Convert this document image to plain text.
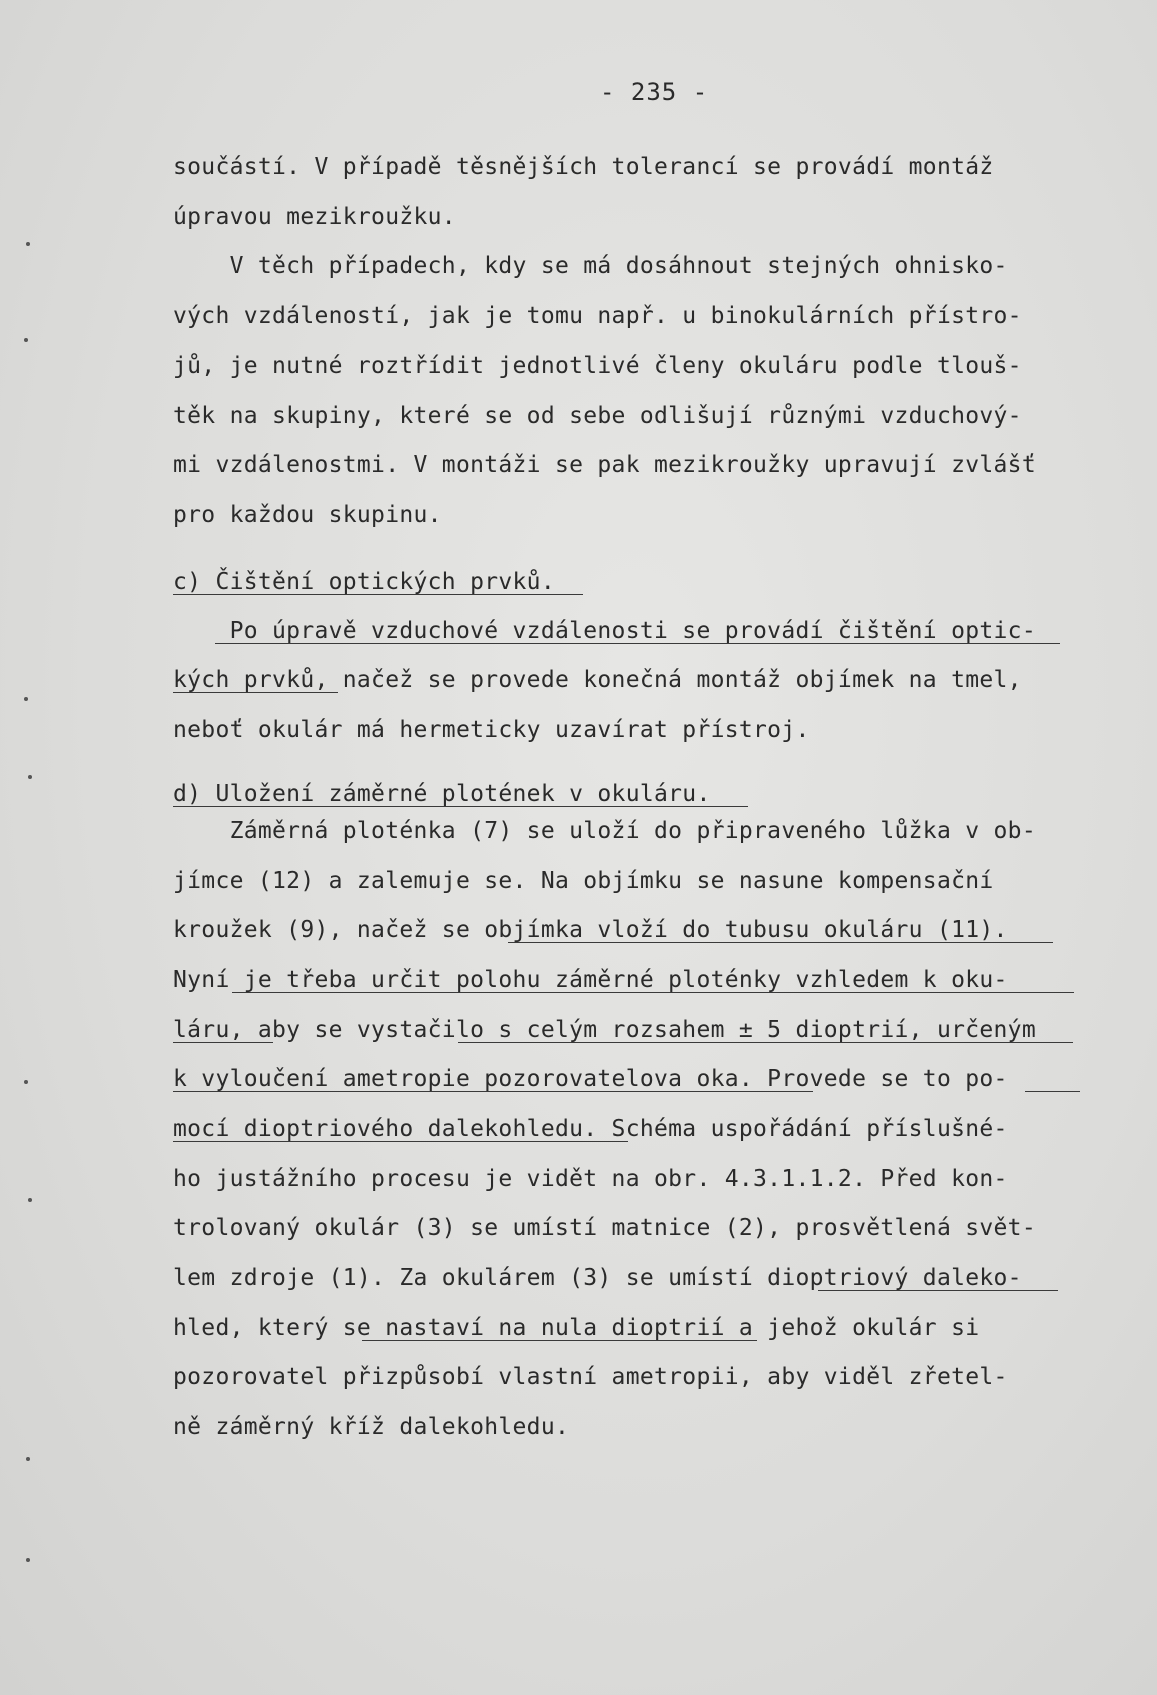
- 235 -
součástí. V případě těsnějších tolerancí se provádí montáž
úpravou mezikroužku.
V těch případech, kdy se má dosáhnout stejných ohnisko-
vých vzdáleností, jak je tomu např. u binokulárních přístro-
jů, je nutné roztřídit jednotlivé členy okuláru podle tlouš-
těk na skupiny, které se od sebe odlišují různými vzduchový-
mi vzdálenostmi. V montáži se pak mezikroužky upravují zvlášť
pro každou skupinu.
c) Čištění optických prvků.
Po úpravě vzduchové vzdálenosti se provádí čištění optic-
kých prvků, načež se provede konečná montáž objímek na tmel,
neboť okulár má hermeticky uzavírat přístroj.
d) Uložení záměrné plotének v okuláru.
Záměrná ploténka (7) se uloží do připraveného lůžka v ob-
jímce (12) a zalemuje se. Na objímku se nasune kompensační
kroužek (9), načež se objímka vloží do tubusu okuláru (11).
Nyní je třeba určit polohu záměrné ploténky vzhledem k oku-
láru, aby se vystačilo s celým rozsahem ± 5 dioptrií, určeným
k vyloučení ametropie pozorovatelova oka. Provede se to po-
mocí dioptriového dalekohledu. Schéma uspořádání příslušné-
ho justážního procesu je vidět na obr. 4.3.1.1.2. Před kon-
trolovaný okulár (3) se umístí matnice (2), prosvětlená svět-
lem zdroje (1). Za okulárem (3) se umístí dioptriový daleko-
hled, který se nastaví na nula dioptrií a jehož okulár si
pozorovatel přizpůsobí vlastní ametropii, aby viděl zřetel-
ně záměrný kříž dalekohledu.
